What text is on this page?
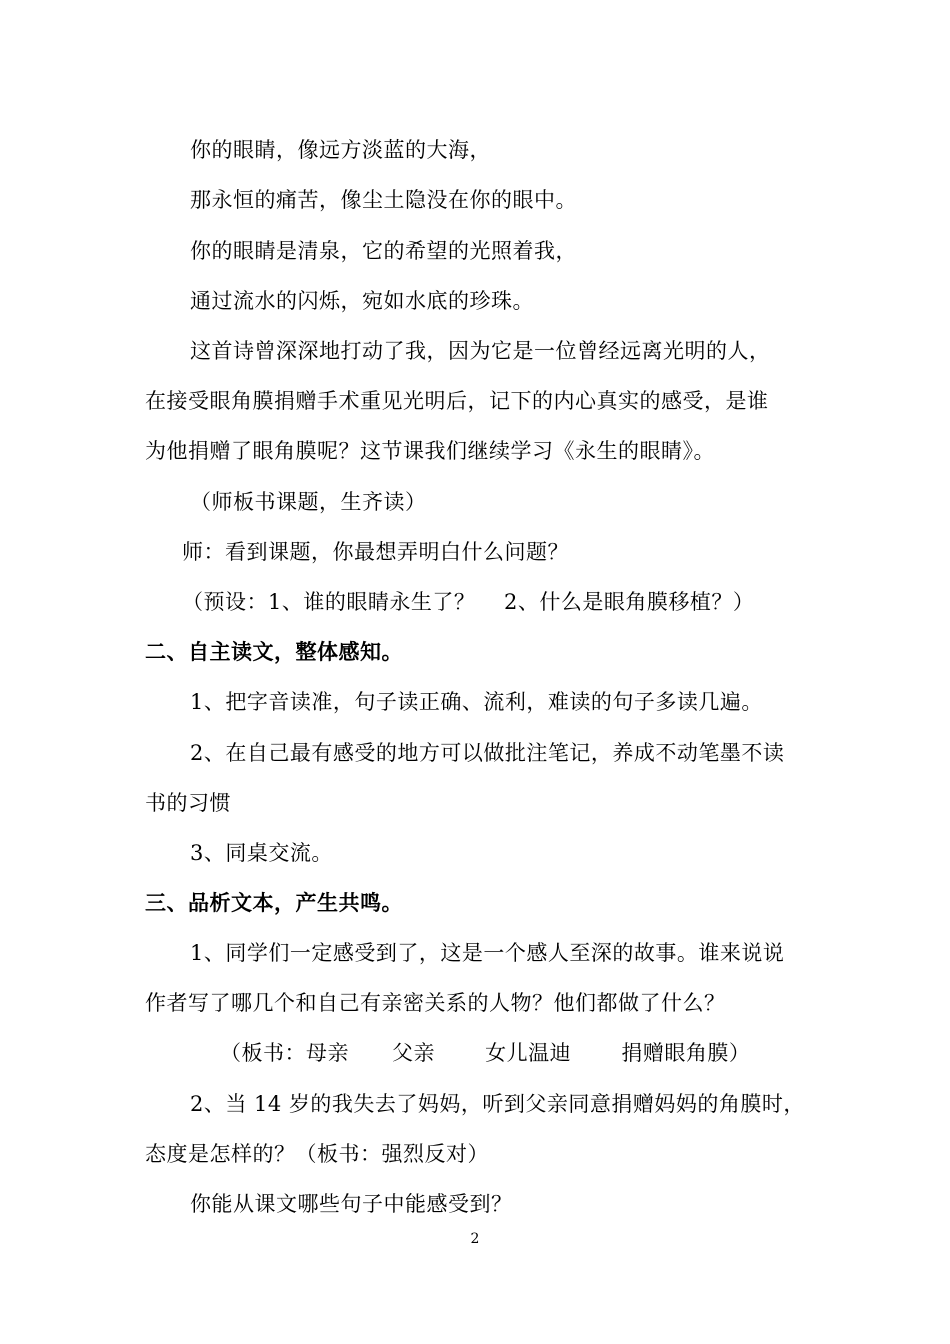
你的眼睛，像远方淡蓝的大海，
那永恒的痛苦，像尘土隐没在你的眼中。
你的眼睛是清泉，它的希望的光照着我，
通过流水的闪烁，宛如水底的珍珠。
这首诗曾深深地打动了我，因为它是一位曾经远离光明的人，
在接受眼角膜捐赠手术重见光明后，记下的内心真实的感受，是谁
为他捐赠了眼角膜呢？这节课我们继续学习《永生的眼睛》。
（师板书课题，生齐读）
师：看到课题，你最想弄明白什么问题？
（预设：1、谁的眼睛永生了？　 2、什么是眼角膜移植？）
二、自主读文，整体感知。
1、把字音读准，句子读正确、流利，难读的句子多读几遍。
2、在自己最有感受的地方可以做批注笔记，养成不动笔墨不读
书的习惯
3、同桌交流。
三、品析文本，产生共鸣。
1、同学们一定感受到了，这是一个感人至深的故事。谁来说说
作者写了哪几个和自己有亲密关系的人物？他们都做了什么？
（板书：母亲　　父亲　　 女儿温迪　　 捐赠眼角膜）
2、当 14 岁的我失去了妈妈，听到父亲同意捐赠妈妈的角膜时，
态度是怎样的？（板书：强烈反对）
你能从课文哪些句子中能感受到？
2
